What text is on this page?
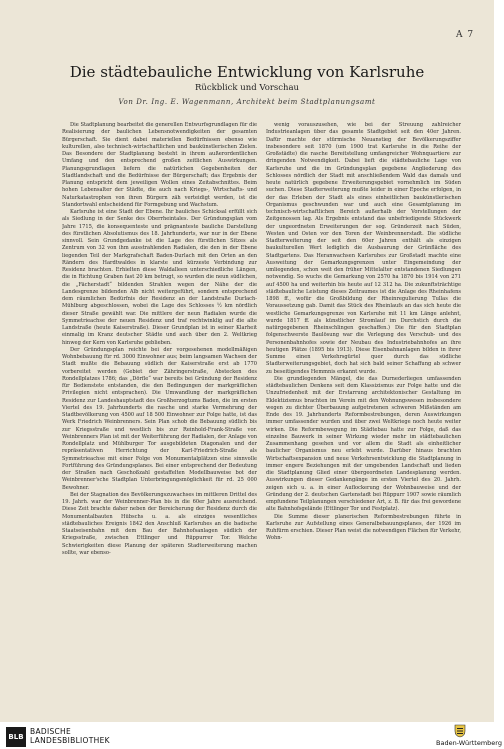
A 7
Die städtebauliche Entwicklung von Karlsruhe
Rückblick und Vorschau
Von Dr. Ing. E. Wagenmann, Architekt beim Stadtplanungsamt

Die Stadtplanung bearbeitet die generellen Entwurfsgrundlagen für die Realisierung der baulichen Lebensnotwendigkeiten der gesamten Bürgerschaft. Sie dient dabei materiellen Bedürfnissen ebenso wie kulturellen, also technisch-wirtschaftlichen und baukünstlerischen Zielen. Das Besondere der Stadtplanung besteht in ihrem außerordentlichen Umfang und den entsprechend großen zeitlichen Auswirkungen. Planungsgrundlagen liefern die natürlichen Gegebenheiten der Stadtlandschaft und die Bedürfnisse der Bürgerschaft; das Ergebnis der Planung entspricht dem jeweiligen Wollen eines Zeitabschnittes. Beim hohen Lebensalter der Städte, die auch nach Kriegs-, Wirtschafts- und Naturkatastrophen von ihren Bürgern zäh verteidigt werden, ist die Standortwahl entscheidend für Formgebung und Wachstum.

Karlsruhe ist eine Stadt der Ebene. Ihr bauliches Schicksal erfüllt sich als Siedlung in der Senke des Oberrheintales. Der Gründungsplan vom Jahre 1715, die konsequenteste und prägnanteste bauliche Darstellung des fürstlichen Absolutismus des 18. Jahrhunderts, war nur in der Ebene sinnvoll. Sein Grundgedanke ist die Lage des fürstlichen Sitzes als Zentrum von 32 von ihm ausstrahlenden Radialen, die den in der Ebene liegenden Teil der Markgrafschaft Baden-Durlach mit den Orten an den Rändern des Hardtwaldes in klarste und kürzeste Verbindung zur Residenz brachten. Erhielten diese Waldalleen unterschiedliche Längen, die in Richtung Graben fast 20 km betrugt, so wurden die neun südlichen, die „Fächerstadt“ bildenden Strahlen wegen der Nähe der die Landesgrenze bildenden Alb nicht weitergeführt, sondern entsprechend dem räumlichen Bedürfnis der Residenz an der Landstraße Durlach-Mühlburg abgeschlossen, wobei die Lage des Schlosses ½ km nördlich dieser Straße gewählt war. Die mittlere der neun Radialen wurde die Symmetrieachse der neuen Residenz und traf rechtwinklig auf die alte Landstraße (heute Kaiserstraße). Dieser Grundplan ist in seiner Klarheit einmalig im Kranz deutscher Städte und auch über den 2. Weltkrieg hinweg der Kern von Karlsruhe geblieben.

Der Gründungsplan reichte bei der vorgesehenen modellmäßigen Wohnbebauung für rd. 3000 Einwohner aus; beim langsamen Wachsen der Stadt mußte die Bebauung südlich der Kaiserstraße erst ab 1770 vorbereitet werden (Gebiet der Zähringerstraße, Abstecken des Rondellplatzes 1786; das „Dörfle“ war bereits bei Gründung der Residenz für Bedienstete entstanden, die den Bedingungen der markgräflichen Privilegien nicht entsprachen). Die Umwandlung der markgräflichen Residenz zur Landeshauptstadt des Großherzogtums Baden, die im ersten Viertel des 19. Jahrhunderts die rasche und starke Vermehrung der Stadtbevölkerung von 4500 auf 18 500 Einwohner zur Folge hatte, ist das Werk Friedrich Weinbrenners. Sein Plan schob die Bebauung südlich bis zur Kriegsstraße und westlich bis zur Reinhold-Frank-Straße vor. Weinbrenners Plan ist mit der Weiterführung der Radialen, der Anlage von Rondellplatz und Mühlburger Tor ausgebildeten Diagonalen und der repräsentativen Herrichtung der Karl-Friedrich-Straße als Symmetrieachse mit einer Folge von Monumentalplätzen eine sinnvolle Fortführung des Gründungsplanes. Bei einer entsprechend der Bedeutung der Straßen nach Geschoßzahl gestaffelten Modellbauweise bot der Weinbrenner'sche Stadtplan Unterbringungsmöglichkeit für rd. 25 000 Bewohner.

Bei der Stagnation des Bevölkerungszuwachses im mittleren Drittel des 19. Jahrh. war der Weinbrenner-Plan bis in die 60er Jahre ausreichend. Diese Zeit brachte daher neben der Bereicherung der Residenz durch die Monumentalbauten Hübschs u. a. als einziges wesentliches städtebauliches Ereignis 1842 den Anschluß Karlsruhes an die badische Staatseisenbahn mit dem Bau der Bahnhofsanlagen südlich der Kriegsstraße, zwischen Ettlinger und Rüppurrer Tor. Welche Schwierigkeiten diese Planung der späteren Stadterweiterung machen sollte, war ebenso-

wenig vorauszusehen, wie bei der Streuung zahlreicher Industrieanlagen über das gesamte Stadtgebiet seit den 40er Jahren. Dafür machte der stürmische Neuanstieg der Bevölkerungsziffer insbesondere seit 1870 (um 1900 trat Karlsruhe in die Reihe der Großstädte) die rasche Bereitstellung umfangreicher Wohnquartiere zur dringenden Notwendigkeit. Dabei lieft die städtebauliche Lage von Karlsruhe und die im Gründungsplan gegebene Angliederung des Schlosses nördlich der Stadt mit anschließendem Wald das damals und heute natürlich gegebene Erweiterungsgebiet vornehmlich im Süden suchen. Diese Stadterweiterung mußte leider in einer Epoche erfolgen, in der das Erleben der Stadt als eines einheitlichen baukünstlerischen Organismus geschwunden war und auch eine Gesamtplanung im technisch-wirtschaftlichen Bereich außerhalb der Vorstellungen der Zeitgenossen lag. Als Ergebnis entstand das unbefriedigende Stückwerk der ungeordneten Erweiterungen der sog. Gründerzeit nach Süden, Westen und Osten vor den Toren der Weinbrennerstadt. Die südliche Stadterweiterung der seit den 60er Jahren enthält als einzigen baukulturellen Wert lediglich die Ausbaurung der Grünfläche des Stadtgartens. Das Heranwachsen Karlsruhes zur Großstadt machte eine Ausweitung der Gemarkungsgrenzen unter Eingemeindung der umliegenden, schon weit den früher Mittelalter entstandenen Siedlungen notwendig. So wuchs die Gemarkung von 2570 ha 1870 bis 1914 von 271 auf 4500 ha und weiterhin bis heute auf 12 312 ha. Die zukunftsträchtige städtebauliche Leistung dieses Zeitraumes ist die Anlage des Rheinhafens 1898 ff., wofür die Großbildung der Rheinregulierung Tullas die Voraussetzung gab. Damit das Stück des Rheinlaufs an das sich heute die westliche Gemarkungsgrenze von Karlsruhe mit 11 km Länge anlehnt, wurde 1817 ff. als künstlicher Stromlauf im Durchstich durch die natürgegebenen Rheinschlingen geschaffen.) Die für den Stadtplan folgenschwerste Baulösung war die Verlegung des Verschub- und des Personenbahnhofes sowie der Neubau des Industriebahnhofes an ihre heutigen Plätze (1895 bis 1913). Diese Eisenbahnanlagen bilden in ihrer Summe einen Verkehrsgürtel quer durch das südliche Stadterweiterungsgebiet, doch hat sich bald seiner Schaffung ab schwer zu beseitigendes Hemmnis erkannt wurde.

Die grundlegenden Mängel, die das Durnederliegen umfassenden städtebaulichen Denkens seit dem Klassizismus zur Folge hatte und die Unzufriedenheit mit der Erstarrung architektonischer Gestaltung im Eklektizismus brachten im Verein mit den Wohnungswesen insbesondere wegen zu dichter Überbauung aufgetretenen schweren Mißständen am Ende des 19. Jahrhunderts Reformbestrebungen, deren Auswirkungen immer umfassender wurden und über zwei Weltkriege noch heute weiter wirken. Die Reformbewegung im Städtebau hatte zur Folge, daß das einzelne Bauwerk in seiner Wirkung wieder mehr im städtebaulichen Zusammenhang gesehen und vor allem die Stadt als einheitlicher baulicher Organismus neu erlebt wurde. Darüber hinaus brachten Wirtschaftsexpansion und neue Verkehrsentwicklung die Stadtplanung in immer engere Beziehungen mit der umgebenden Landschaft und lieden die Stadtplanung Glied einer übergeordneten Landesplanung werden. Auswirkungen dieser Gedankengänge im ersten Viertel des 20. Jahrh. zeigen sich u. a. in einer Auflockerung der Wohnbauweise und der Gründung der 2. deutschen Gartenstadt bei Rüppurr 1907 sowie räumlich empfundene Teilplanungen verschiedener Art, z. B. für das frei gewordene alte Bahnhofsgelände (Ettlinger Tor und Festplatz).

Die Summe dieser planerischen Reformbestrebungen führte in Karlsruhe zur Aufstellung eines Generalbebauungsplanes, der 1926 im Ruhfürm erschien. Dieser Plan weist die notwendigen Flächen für Verkehr, Wohn-

BLB
BADISCHE
LANDESBIBLIOTHEK	Baden-Württemberg
